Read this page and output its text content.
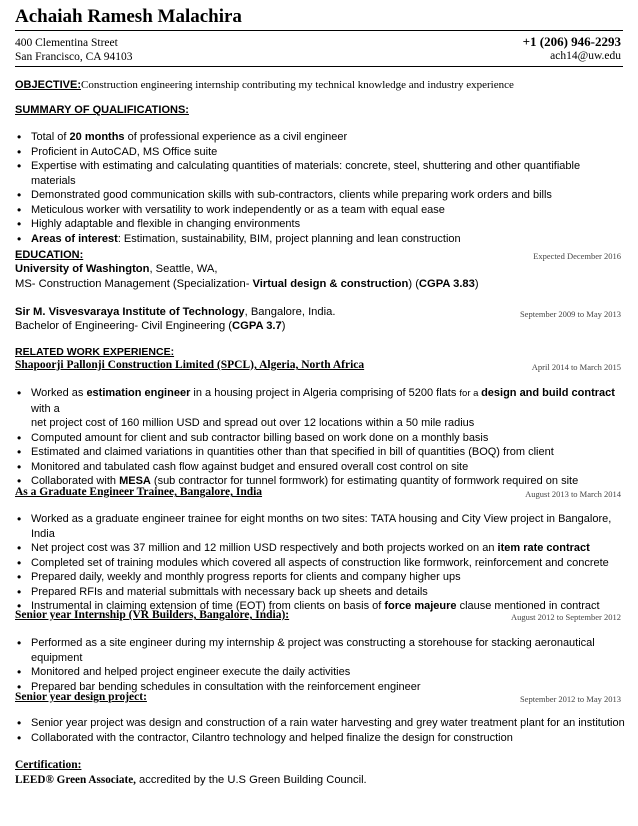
Achaiah Ramesh Malachira
400 Clementina Street
San Francisco, CA 94103
+1 (206) 946-2293
ach14@uw.edu
OBJECTIVE:Construction engineering internship contributing my technical knowledge and industry experience
SUMMARY OF QUALIFICATIONS:
• Total of 20 months of professional experience as a civil engineer
• Proficient in AutoCAD, MS Office suite
• Expertise with estimating and calculating quantities of materials: concrete, steel, shuttering and other quantifiable materials
• Demonstrated good communication skills with sub-contractors, clients while preparing work orders and bills
• Meticulous worker with versatility to work independently or as a team with equal ease
• Highly adaptable and flexible in changing environments
• Areas of interest: Estimation, sustainability, BIM, project planning and lean construction
EDUCATION:	Expected December 2016
University of Washington, Seattle, WA,
MS- Construction Management (Specialization- Virtual design & construction) (CGPA 3.83)
Sir M. Visvesvaraya Institute of Technology, Bangalore, India.	September 2009 to May 2013
Bachelor of Engineering- Civil Engineering (CGPA 3.7)
RELATED WORK EXPERIENCE:
Shapoorji Pallonji Construction Limited (SPCL), Algeria, North Africa	April 2014 to March 2015
• Worked as estimation engineer in a housing project in Algeria comprising of 5200 flats for a design and build contract with a
net project cost of 160 million USD and spread out over 12 locations within a 50 mile radius
• Computed amount for client and sub contractor billing based on work done on a monthly basis
• Estimated and claimed variations in quantities other than that specified in bill of quantities (BOQ) from client
• Monitored and tabulated cash flow against budget and ensured overall cost control on site
• Collaborated with MESA (sub contractor for tunnel formwork) for estimating quantity of formwork required on site
As a Graduate Engineer Trainee, Bangalore, India	August 2013 to March 2014
• Worked as a graduate engineer trainee for eight months on two sites: TATA housing and City View project in Bangalore, India
• Net project cost was 37 million and 12 million USD respectively and both projects worked on an item rate contract
• Completed set of training modules which covered all aspects of construction like formwork, reinforcement and concrete
• Prepared daily, weekly and monthly progress reports for clients and company higher ups
• Prepared RFIs and material submittals with necessary back up sheets and details
• Instrumental in claiming extension of time (EOT) from clients on basis of force majeure clause mentioned in contract
Senior year Internship (VR Builders, Bangalore, India):	August 2012 to September 2012
• Performed as a site engineer during my internship & project was constructing a storehouse for stacking aeronautical equipment
• Monitored and helped project engineer execute the daily activities
• Prepared bar bending schedules in consultation with the reinforcement engineer
Senior year design project:	September 2012 to May 2013
• Senior year project was design and construction of a rain water harvesting and grey water treatment plant for an institution
• Collaborated with the contractor, Cilantro technology and helped finalize the design for construction
Certification:
LEED® Green Associate, accredited by the U.S Green Building Council.
